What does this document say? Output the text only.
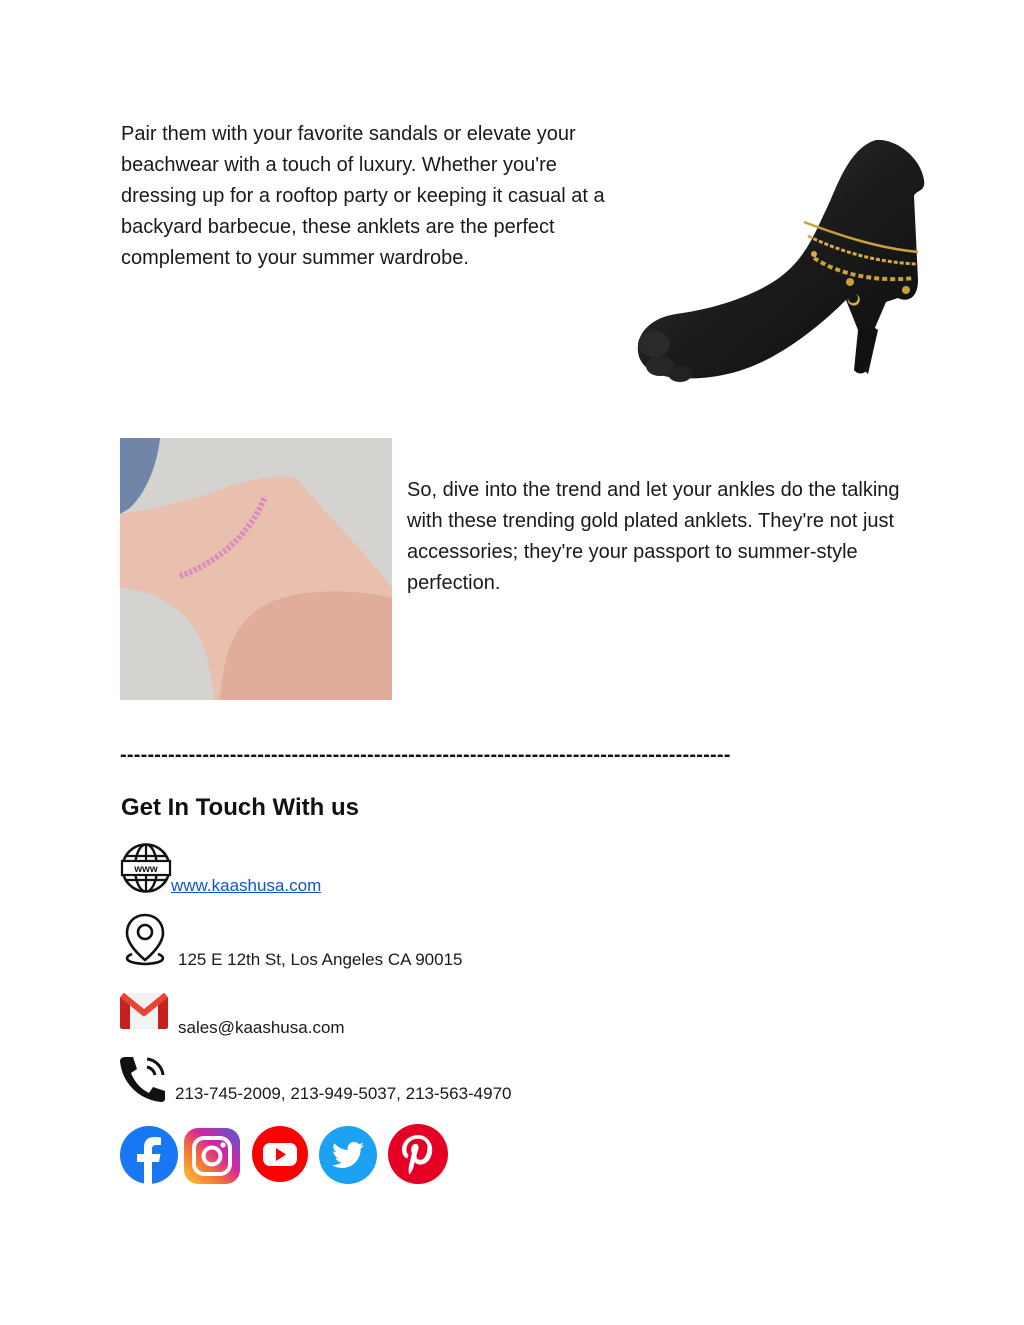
Pair them with your favorite sandals or elevate your beachwear with a touch of luxury. Whether you're dressing up for a rooftop party or keeping it casual at a backyard barbecue, these anklets are the perfect complement to your summer wardrobe.

So, dive into the trend and let your ankles do the talking with these trending gold plated anklets. They're not just accessories; they're your passport to summer-style perfection.

-----------------------------------------------------------------------------------------
Get In Touch With us
www
www.kaashusa.com
125 E 12th St, Los Angeles CA 90015
sales@kaashusa.com
213-745-2009, 213-949-5037, 213-563-4970
